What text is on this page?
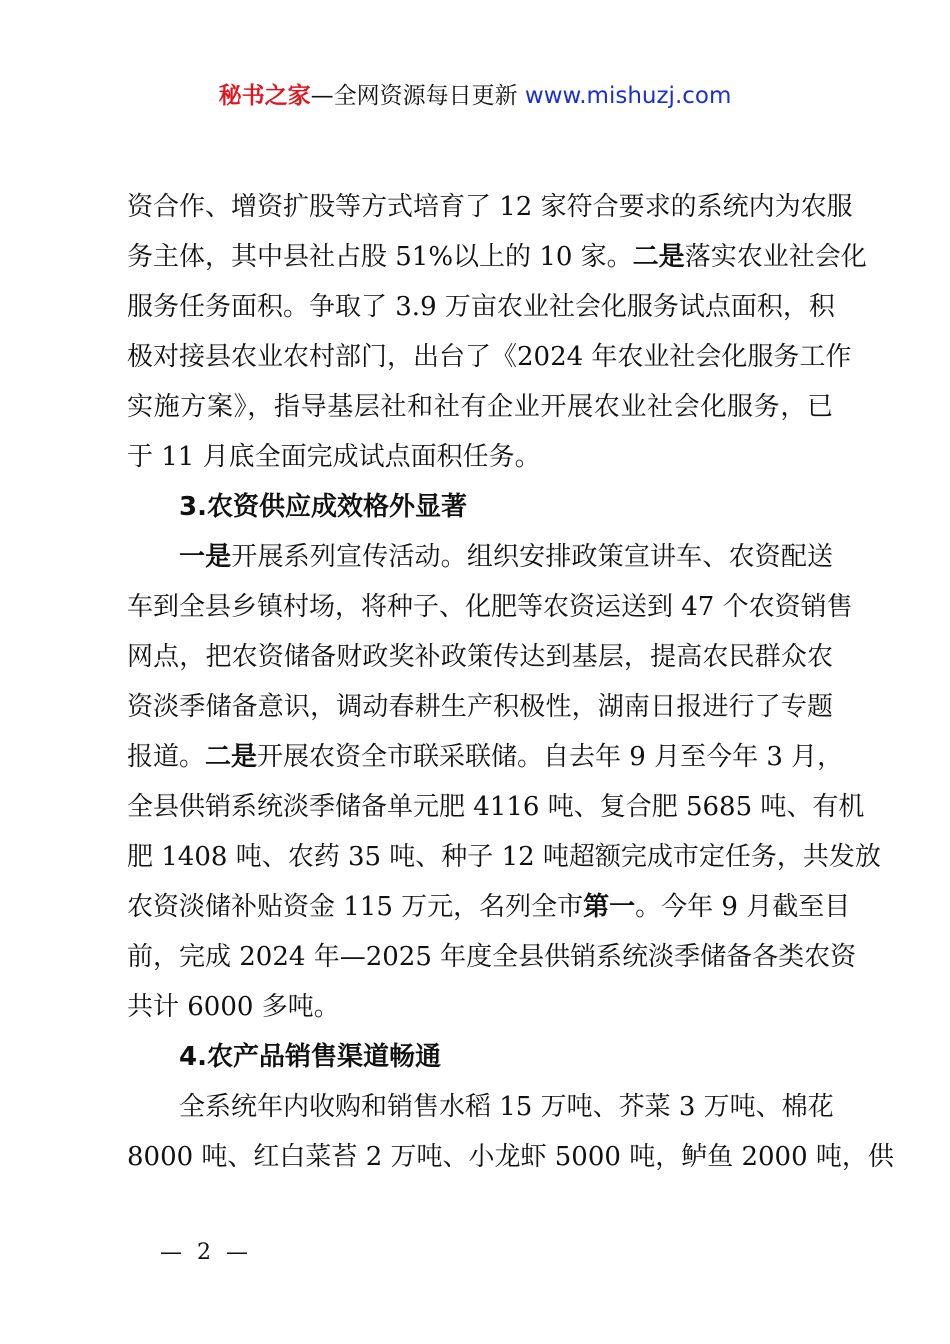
秘书之家—全网资源每日更新 www.mishuzj.com
资合作、增资扩股等方式培育了 12 家符合要求的系统内为农服
务主体，其中县社占股 51%以上的 10 家。二是落实农业社会化
服务任务面积。争取了 3.9 万亩农业社会化服务试点面积，积
极对接县农业农村部门，出台了《2024 年农业社会化服务工作
实施方案》，指导基层社和社有企业开展农业社会化服务，已
于 11 月底全面完成试点面积任务。
3.农资供应成效格外显著
一是开展系列宣传活动。组织安排政策宣讲车、农资配送
车到全县乡镇村场，将种子、化肥等农资运送到 47 个农资销售
网点，把农资储备财政奖补政策传达到基层，提高农民群众农
资淡季储备意识，调动春耕生产积极性，湖南日报进行了专题
报道。二是开展农资全市联采联储。自去年 9 月至今年 3 月，
全县供销系统淡季储备单元肥 4116 吨、复合肥 5685 吨、有机
肥 1408 吨、农药 35 吨、种子 12 吨超额完成市定任务，共发放
农资淡储补贴资金 115 万元，名列全市第一。今年 9 月截至目
前，完成 2024 年—2025 年度全县供销系统淡季储备各类农资
共计 6000 多吨。
4.农产品销售渠道畅通
全系统年内收购和销售水稻 15 万吨、芥菜 3 万吨、棉花
8000 吨、红白菜苔 2 万吨、小龙虾 5000 吨，鲈鱼 2000 吨，供
— 2 —
